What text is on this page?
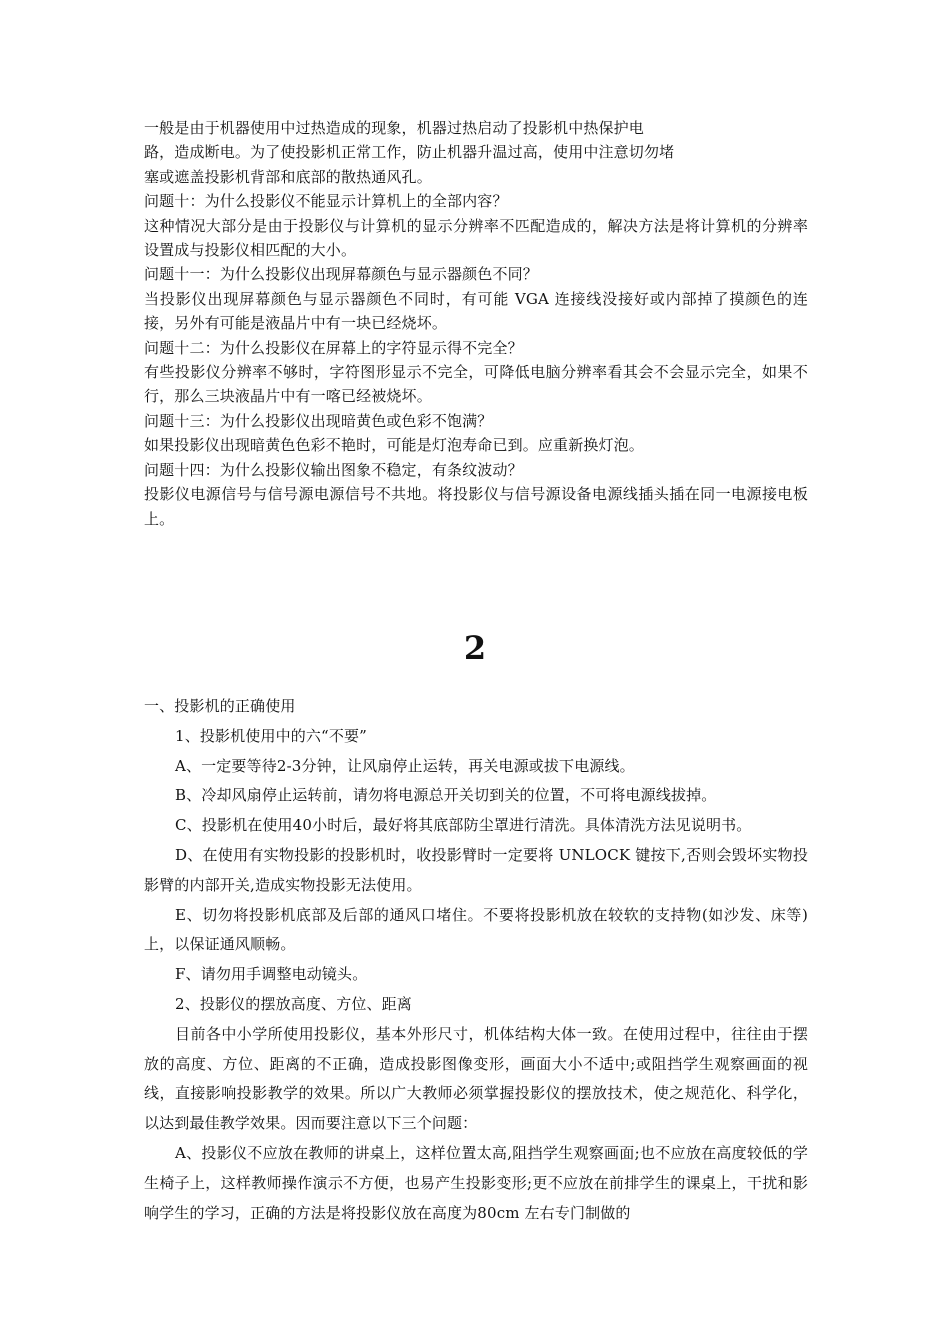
一般是由于机器使用中过热造成的现象，机器过热启动了投影机中热保护电

路，造成断电。为了使投影机正常工作，防止机器升温过高，使用中注意切勿堵

塞或遮盖投影机背部和底部的散热通风孔。

问题十：为什么投影仪不能显示计算机上的全部内容？

这种情况大部分是由于投影仪与计算机的显示分辨率不匹配造成的，解决方法是将计算机的分辨率设置成与投影仪相匹配的大小。

问题十一：为什么投影仪出现屏幕颜色与显示器颜色不同？

当投影仪出现屏幕颜色与显示器颜色不同时，有可能 VGA 连接线没接好或内部掉了摸颜色的连接，另外有可能是液晶片中有一块已经烧坏。

问题十二：为什么投影仪在屏幕上的字符显示得不完全？

有些投影仪分辨率不够时，字符图形显示不完全，可降低电脑分辨率看其会不会显示完全，如果不行，那么三块液晶片中有一喀已经被烧坏。

问题十三：为什么投影仪出现暗黄色或色彩不饱满？

如果投影仪出现暗黄色色彩不艳时，可能是灯泡寿命已到。应重新换灯泡。

问题十四：为什么投影仪输出图象不稳定，有条纹波动？

投影仪电源信号与信号源电源信号不共地。将投影仪与信号源设备电源线插头插在同一电源接电板上。

2

一、投影机的正确使用

1、投影机使用中的六“不要”

A、一定要等待2-3分钟，让风扇停止运转，再关电源或拔下电源线。

B、冷却风扇停止运转前，请勿将电源总开关切到关的位置，不可将电源线拔掉。

C、投影机在使用40小时后，最好将其底部防尘罩进行清洗。具体清洗方法见说明书。

D、在使用有实物投影的投影机时，收投影臂时一定要将 UNLOCK 键按下,否则会毁坏实物投影臂的内部开关,造成实物投影无法使用。

E、切勿将投影机底部及后部的通风口堵住。不要将投影机放在较软的支持物(如沙发、床等)上，以保证通风顺畅。

F、请勿用手调整电动镜头。

2、投影仪的摆放高度、方位、距离

目前各中小学所使用投影仪，基本外形尺寸，机体结构大体一致。在使用过程中，往往由于摆放的高度、方位、距离的不正确，造成投影图像变形，画面大小不适中;或阻挡学生观察画面的视线，直接影响投影教学的效果。所以广大教师必须掌握投影仪的摆放技术，使之规范化、科学化，以达到最佳教学效果。因而要注意以下三个问题：

A、投影仪不应放在教师的讲桌上，这样位置太高,阻挡学生观察画面;也不应放在高度较低的学生椅子上，这样教师操作演示不方便，也易产生投影变形;更不应放在前排学生的课桌上，干扰和影响学生的学习，正确的方法是将投影仪放在高度为80cm 左右专门制做的
